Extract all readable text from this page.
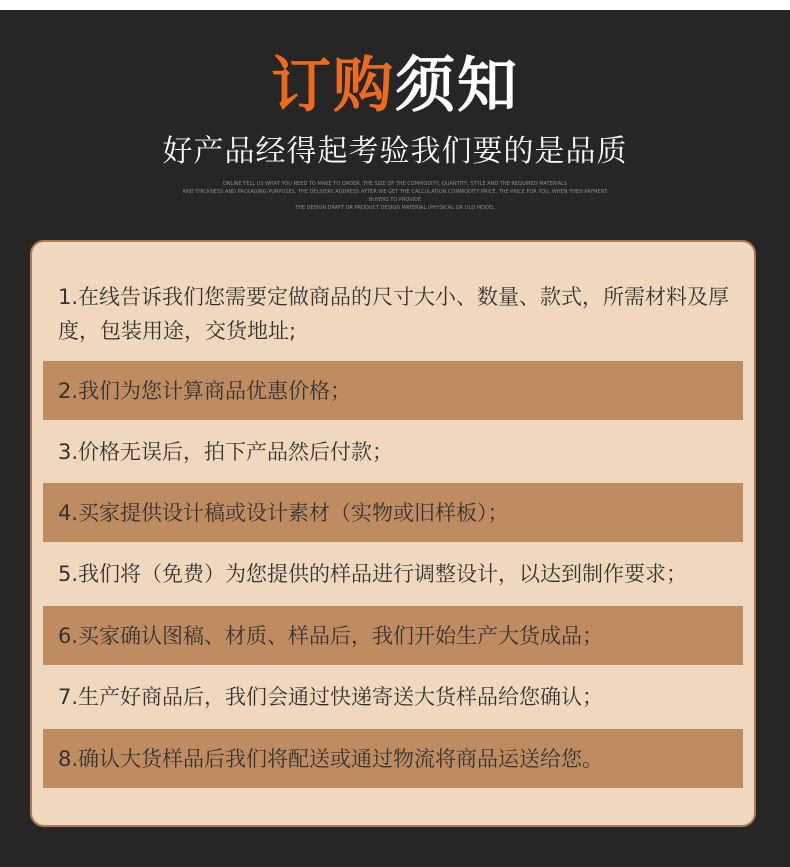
订购须知
好产品经得起考验我们要的是品质
ONLINE TELL US WHAT YOU NEED TO MAKE TO ORDER, THE SIZE OF THE COMMODITY, QUANTITY, STYLE AND THE REQUIRED MATERIALS
AND THICKNESS AND PACKAGING PURPOSES, THE DELIVERY ADDRESS AFTER WE GET THE CALCULATION COMMODITY PRICE, THE PRICE FOR YOU, WHEN THEN PAYMENT BUYERS TO PROVIDE
THE DESIGN DRAFT OR PRODUCT DESIGN MATERIAL (PHYSICAL OR OLD MODEL
1.在线告诉我们您需要定做商品的尺寸大小、数量、款式，所需材料及厚度，包装用途，交货地址;
2.我们为您计算商品优惠价格；
3.价格无误后，拍下产品然后付款；
4.买家提供设计稿或设计素材（实物或旧样板）；
5.我们将（免费）为您提供的样品进行调整设计，以达到制作要求；
6.买家确认图稿、材质、样品后，我们开始生产大货成品；
7.生产好商品后，我们会通过快递寄送大货样品给您确认；
8.确认大货样品后我们将配送或通过物流将商品运送给您。
